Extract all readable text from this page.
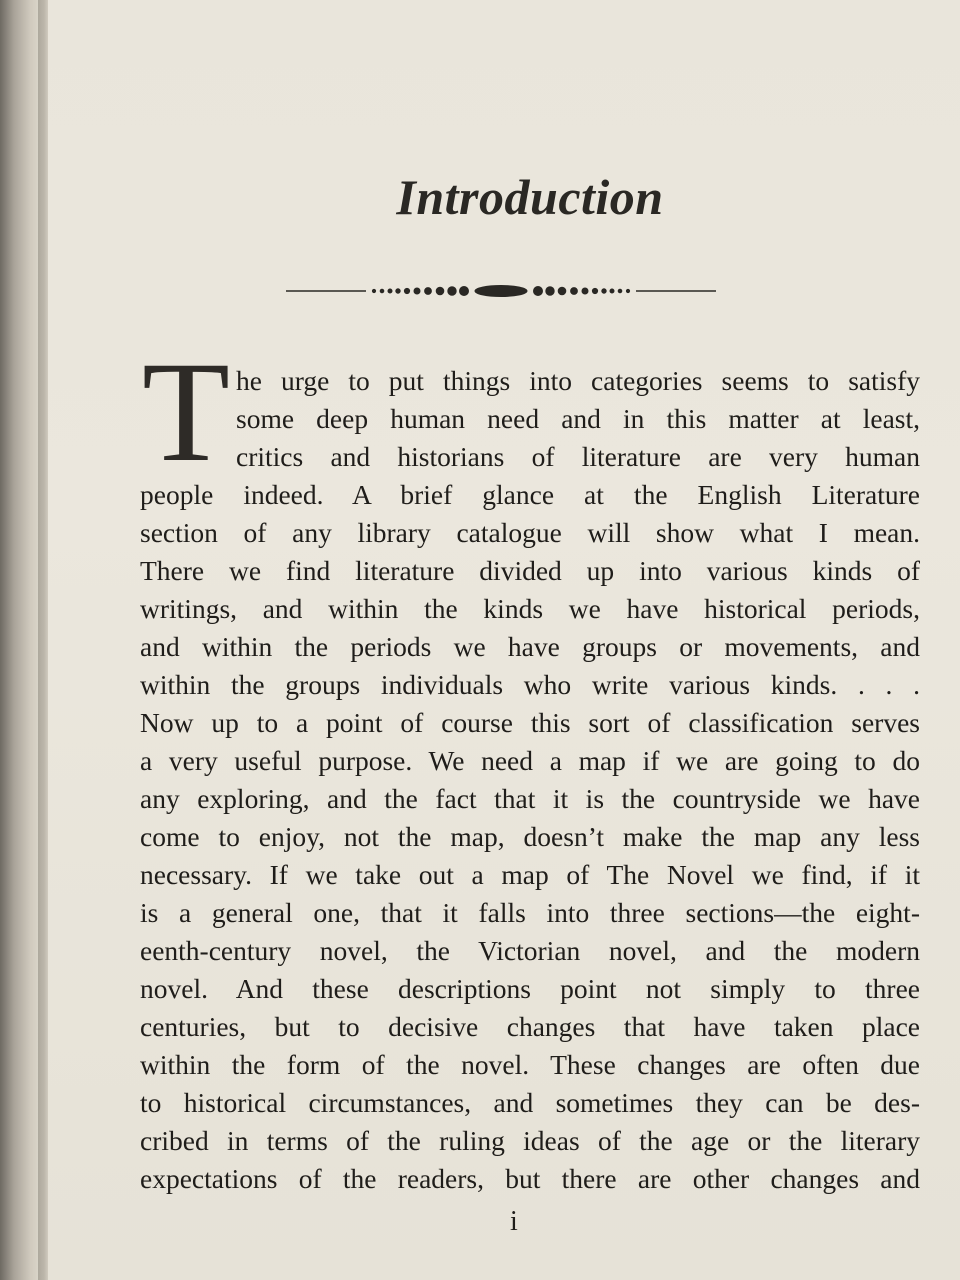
Introduction
T he urge to put things into categories seems to satisfy
some deep human need and in this matter at least,
critics and historians of literature are very human
people indeed. A brief glance at the English Literature
section of any library catalogue will show what I mean.
There we find literature divided up into various kinds of
writings, and within the kinds we have historical periods,
and within the periods we have groups or movements, and
within the groups individuals who write various kinds. . . .
Now up to a point of course this sort of classification serves
a very useful purpose. We need a map if we are going to do
any exploring, and the fact that it is the countryside we have
come to enjoy, not the map, doesn’t make the map any less
necessary. If we take out a map of The Novel we find, if it
is a general one, that it falls into three sections—the eight-
eenth-century novel, the Victorian novel, and the modern
novel. And these descriptions point not simply to three
centuries, but to decisive changes that have taken place
within the form of the novel. These changes are often due
to historical circumstances, and sometimes they can be des-
cribed in terms of the ruling ideas of the age or the literary
expectations of the readers, but there are other changes and
i
